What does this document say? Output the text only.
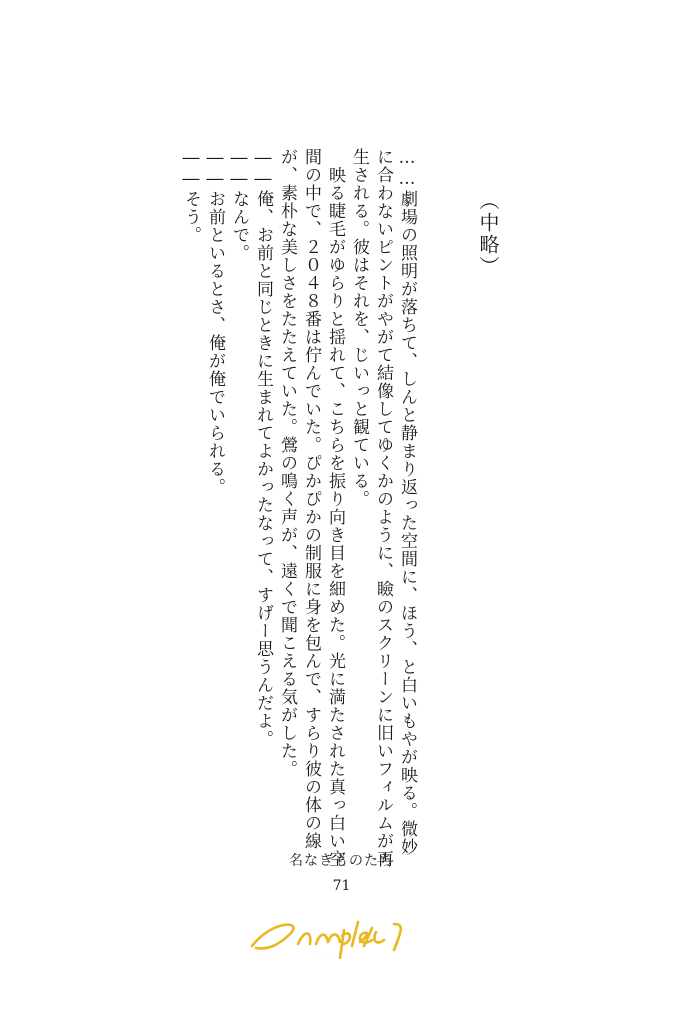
（中略）
……劇場の照明が落ちて、しんと静まり返った空間に、ほう、と白いもやが映る。微妙
に合わないピントがやがて結像してゆくかのように、瞼のスクリーンに旧いフィルムが再
生される。彼はそれを、じいっと観ている。
　映る睫毛がゆらりと揺れて、こちらを振り向き目を細めた。光に満たされた真っ白い空
間の中で、２０４８番は佇んでいた。ぴかぴかの制服に身を包んで、すらり彼の体の線
が、素朴な美しさをたたえていた。鶯の鳴く声が、遠くで聞こえる気がした。
――俺、お前と同じときに生まれてよかったなって、すげー思うんだよ。
――なんで。
――お前といるとさ、俺が俺でいられる。
――そう。
名なきものたち
71
